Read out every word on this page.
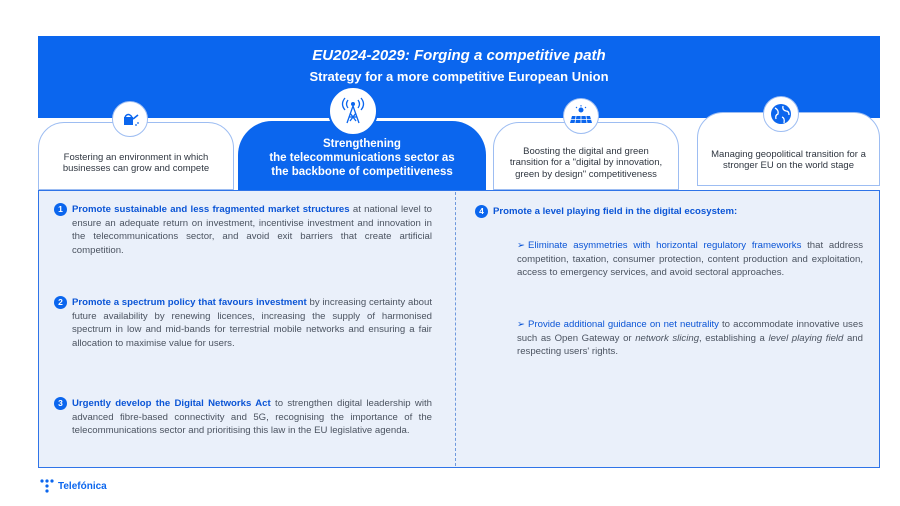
EU2024-2029: Forging a competitive path
Strategy for a more competitive European Union
Fostering an environment in which businesses can grow and compete
Strengthening
the telecommunications sector as
the backbone of competitiveness
Boosting the digital and green transition for a "digital by innovation, green by design" competitiveness
Managing geopolitical transition for a stronger EU on the world stage
1 Promote sustainable and less fragmented market structures at national level to ensure an adequate return on investment, incentivise investment and innovation in the telecommunications sector, and avoid exit barriers that create artificial competition.
2 Promote a spectrum policy that favours investment by increasing certainty about future availability by renewing licences, increasing the supply of harmonised spectrum in low and mid-bands for terrestrial mobile networks and ensuring a fair allocation to maximise value for users.
3 Urgently develop the Digital Networks Act to strengthen digital leadership with advanced fibre-based connectivity and 5G, recognising the importance of the telecommunications sector and prioritising this law in the EU legislative agenda.
4 Promote a level playing field in the digital ecosystem:
➢ Eliminate asymmetries with horizontal regulatory frameworks that address competition, taxation, consumer protection, content production and exploitation, access to emergency services, and avoid sectoral approaches.
➢ Provide additional guidance on net neutrality to accommodate innovative uses such as Open Gateway or network slicing, establishing a level playing field and respecting users' rights.
Telefónica
